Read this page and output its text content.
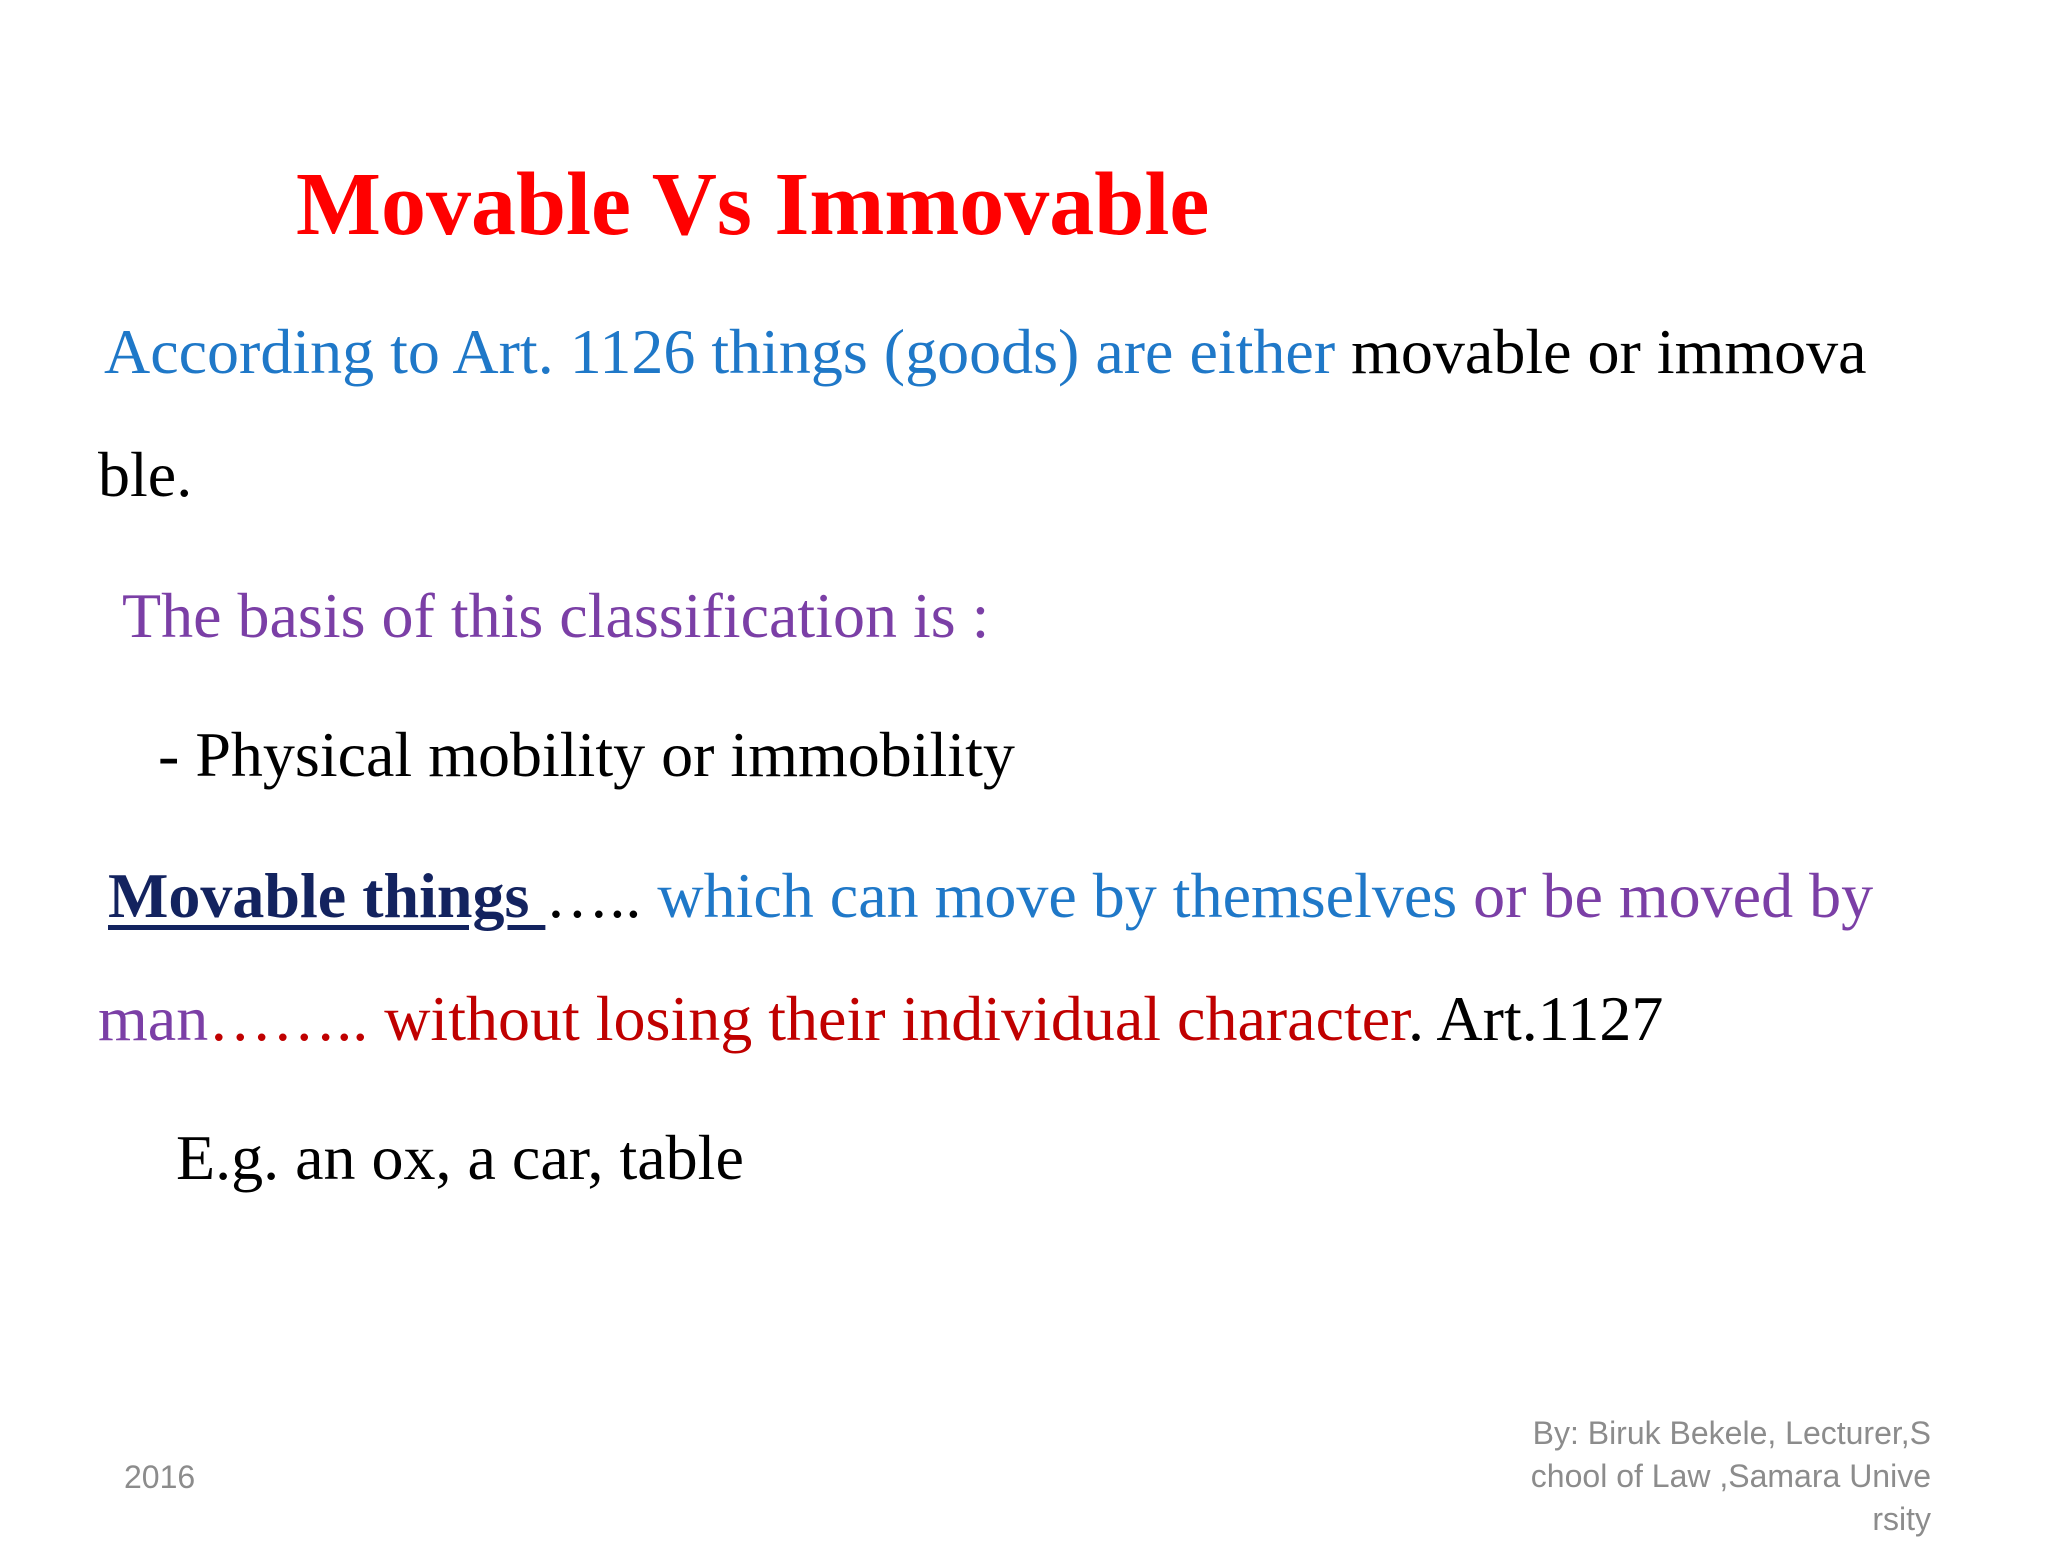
Movable Vs Immovable
According to Art. 1126 things (goods) are either movable or immova
ble.
The basis of this classification is :
- Physical mobility or immobility
Movable things ….. which can move by themselves or be moved by
man…….. without losing their individual character. Art.1127
E.g. an ox, a car, table
2016
By: Biruk Bekele, Lecturer,S
chool of Law ,Samara Unive
rsity
